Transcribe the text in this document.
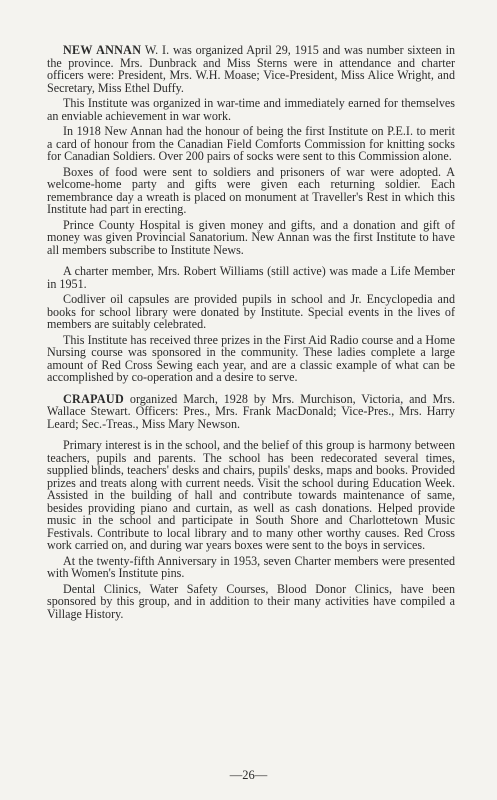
NEW ANNAN W. I. was organized April 29, 1915 and was number sixteen in the province. Mrs. Dunbrack and Miss Sterns were in attendance and charter officers were: President, Mrs. W.H. Moase; Vice-President, Miss Alice Wright, and Secretary, Miss Ethel Duffy.

This Institute was organized in war-time and immediately earned for themselves an enviable achievement in war work.

In 1918 New Annan had the honour of being the first Institute on P.E.I. to merit a card of honour from the Canadian Field Comforts Commission for knitting socks for Canadian Soldiers. Over 200 pairs of socks were sent to this Commission alone.

Boxes of food were sent to soldiers and prisoners of war were adopted. A welcome-home party and gifts were given each returning soldier. Each remembrance day a wreath is placed on monument at Traveller's Rest in which this Institute had part in erecting.

Prince County Hospital is given money and gifts, and a donation and gift of money was given Provincial Sanatorium. New Annan was the first Institute to have all members subscribe to Institute News.

A charter member, Mrs. Robert Williams (still active) was made a Life Member in 1951.

Codliver oil capsules are provided pupils in school and Jr. Encyclopedia and books for school library were donated by Institute. Special events in the lives of members are suitably celebrated.

This Institute has received three prizes in the First Aid Radio course and a Home Nursing course was sponsored in the community. These ladies complete a large amount of Red Cross Sewing each year, and are a classic example of what can be accomplished by co-operation and a desire to serve.

CRAPAUD organized March, 1928 by Mrs. Murchison, Victoria, and Mrs. Wallace Stewart. Officers: Pres., Mrs. Frank MacDonald; Vice-Pres., Mrs. Harry Leard; Sec.-Treas., Miss Mary Newson.

Primary interest is in the school, and the belief of this group is harmony between teachers, pupils and parents. The school has been redecorated several times, supplied blinds, teachers' desks and chairs, pupils' desks, maps and books. Provided prizes and treats along with current needs. Visit the school during Education Week. Assisted in the building of hall and contribute towards maintenance of same, besides providing piano and curtain, as well as cash donations. Helped provide music in the school and participate in South Shore and Charlottetown Music Festivals. Contribute to local library and to many other worthy causes. Red Cross work carried on, and during war years boxes were sent to the boys in services.

At the twenty-fifth Anniversary in 1953, seven Charter members were presented with Women's Institute pins.

Dental Clinics, Water Safety Courses, Blood Donor Clinics, have been sponsored by this group, and in addition to their many activities have compiled a Village History.

—26—
